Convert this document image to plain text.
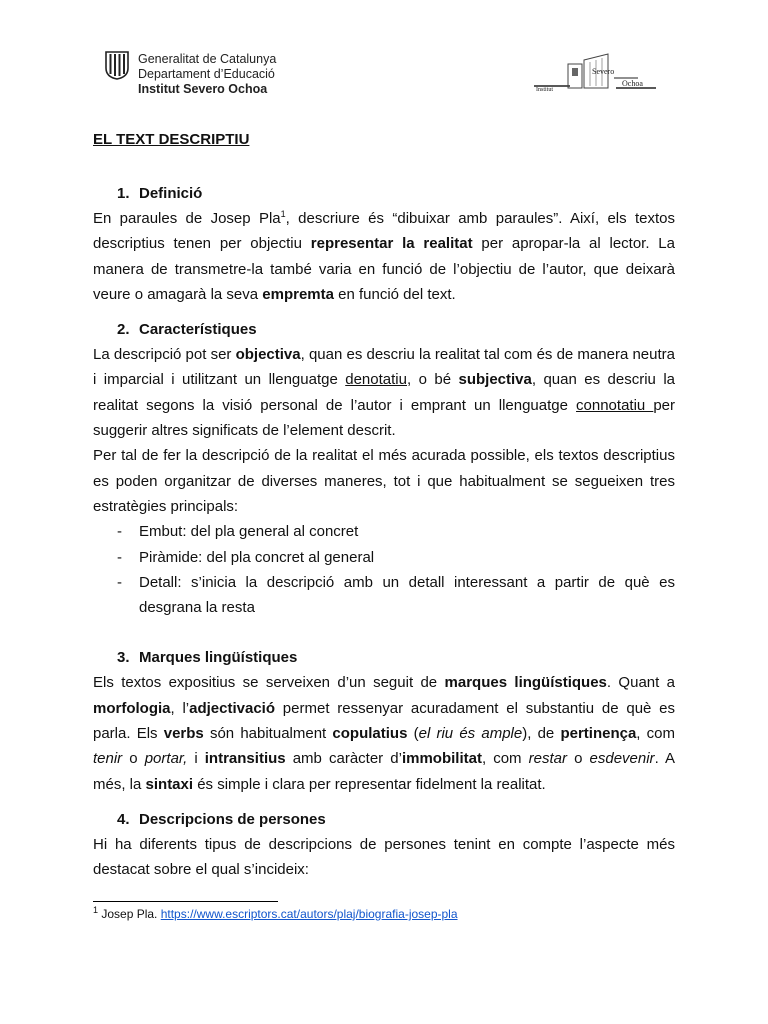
Generalitat de Catalunya
Departament d’Educació
Institut Severo Ochoa	Institut
Severo
Ochoa

EL TEXT DESCRIPTIU

1. Definició

En paraules de Josep Pla$^1$, descriure és “dibuixar amb paraules”. Així, els textos descriptius tenen per objectiu representar la realitat per apropar-la al lector. La manera de transmetre-la també varia en funció de l’objectiu de l’autor, que deixarà veure o amagarà la seva empremta en funció del text.

2. Característiques

La descripció pot ser objectiva, quan es descriu la realitat tal com és de manera neutra i imparcial i utilitzant un llenguatge denotatiu, o bé subjectiva, quan es descriu la realitat segons la visió personal de l’autor i emprant un llenguatge connotatiu per suggerir altres significats de l’element descrit.

Per tal de fer la descripció de la realitat el més acurada possible, els textos descriptius es poden organitzar de diverses maneres, tot i que habitualment se segueixen tres estratègies principals:

- Embut: del pla general al concret
- Piràmide: del pla concret al general
- Detall: s’inicia la descripció amb un detall interessant a partir de què es desgrana la resta

3. Marques lingüístiques

Els textos expositius se serveixen d’un seguit de marques lingüístiques. Quant a morfologia, l’adjectivació permet ressenyar acuradament el substantiu de què es parla. Els verbs són habitualment copulatius (el riu és ample), de pertinença, com tenir o portar, i intransitius amb caràcter d’immobilitat, com restar o esdevenir. A més, la sintaxi és simple i clara per representar fidelment la realitat.

4. Descripcions de persones

Hi ha diferents tipus de descripcions de persones tenint en compte l’aspecte més destacat sobre el qual s’incideix:

$^1$ Josep Pla. https://www.escriptors.cat/autors/plaj/biografia-josep-pla
